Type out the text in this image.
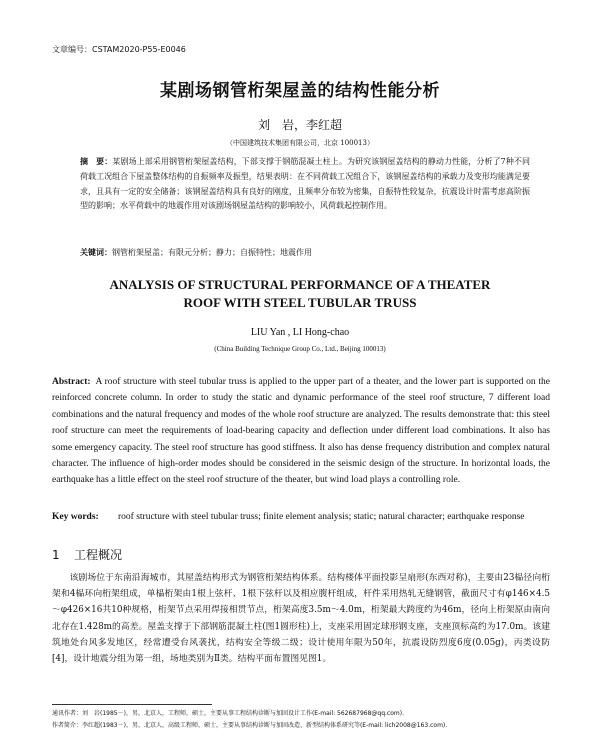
文章编号：CSTAM2020-P55-E0046
某剧场钢管桁架屋盖的结构性能分析
刘　岩，李红超
（中国建筑技术集团有限公司，北京 100013）
摘　要：某剧场上部采用钢管桁架屋盖结构，下部支撑于钢筋混凝土柱上。为研究该钢屋盖结构的静动力性能，分析了7种不同荷载工况组合下屋盖整体结构的自振频率及振型，结果表明：在不同荷载工况组合下，该钢屋盖结构的承载力及变形均能满足要求，且具有一定的安全储备；该钢屋盖结构具有良好的刚度，且频率分布较为密集，自振特性较复杂，抗震设计时需考虑高阶振型的影响；水平荷载中的地震作用对该剧场钢屋盖结构的影响较小，风荷载起控制作用。
关键词：钢管桁架屋盖；有限元分析；静力；自振特性；地震作用
ANALYSIS OF STRUCTURAL PERFORMANCE OF A THEATER
ROOF WITH STEEL TUBULAR TRUSS
LIU Yan , LI Hong-chao
(China Building Technique Group Co., Ltd., Beijing 100013)
Abstract: A roof structure with steel tubular truss is applied to the upper part of a theater, and the lower part is supported on the reinforced concrete column. In order to study the static and dynamic performance of the steel roof structure, 7 different load combinations and the natural frequency and modes of the whole roof structure are analyzed. The results demonstrate that: this steel roof structure can meet the requirements of load-bearing capacity and deflection under different load combinations. It also has some emergency capacity. The steel roof structure has good stiffness. It also has dense frequency distribution and complex natural character. The influence of high-order modes should be considered in the seismic design of the structure. In horizontal loads, the earthquake has a little effect on the steel roof structure of the theater, but wind load plays a controlling role.
Key words: roof structure with steel tubular truss; finite element analysis; static; natural character; earthquake response
1 工程概况
该剧场位于东南沿海城市，其屋盖结构形式为钢管桁架结构体系。结构楼体平面投影呈扇形(东西对称)，主要由23榀径向桁架和4榀环向桁架组成，单榀桁架由1根上弦杆、1根下弦杆以及相应腹杆组成，杆件采用热轧无缝钢管，截面尺寸有φ146×4.5～φ426×16共10种规格，桁架节点采用焊接相贯节点，桁架高度3.5m～4.0m，桁架最大跨度约为46m，径向上桁架原由南向北存在1.428m的高差。屋盖支撑于下部钢筋混凝土柱(图1圆形柱)上，支座采用固定球形钢支座，支座顶标高约为17.0m。该建筑地处台风多发地区，经常遭受台风袭扰，结构安全等级二级；设计使用年限为50年，抗震设防烈度6度(0.05g)，丙类设防[4]，设计地震分组为第一组，场地类别为Ⅱ类。结构平面布置图见图1。
通讯作者：刘　岩(1985－)，男，北京人，工程师，硕士，主要从事工程结构诊断与加固设计工作(E-mail: 562687968@qq.com).
作者简介：李红超(1983－)，男，北京人，高级工程师，硕士，主要从事结构诊断与加固改造、新型结构体系研究等(E-mail: lich2008@163.com).
